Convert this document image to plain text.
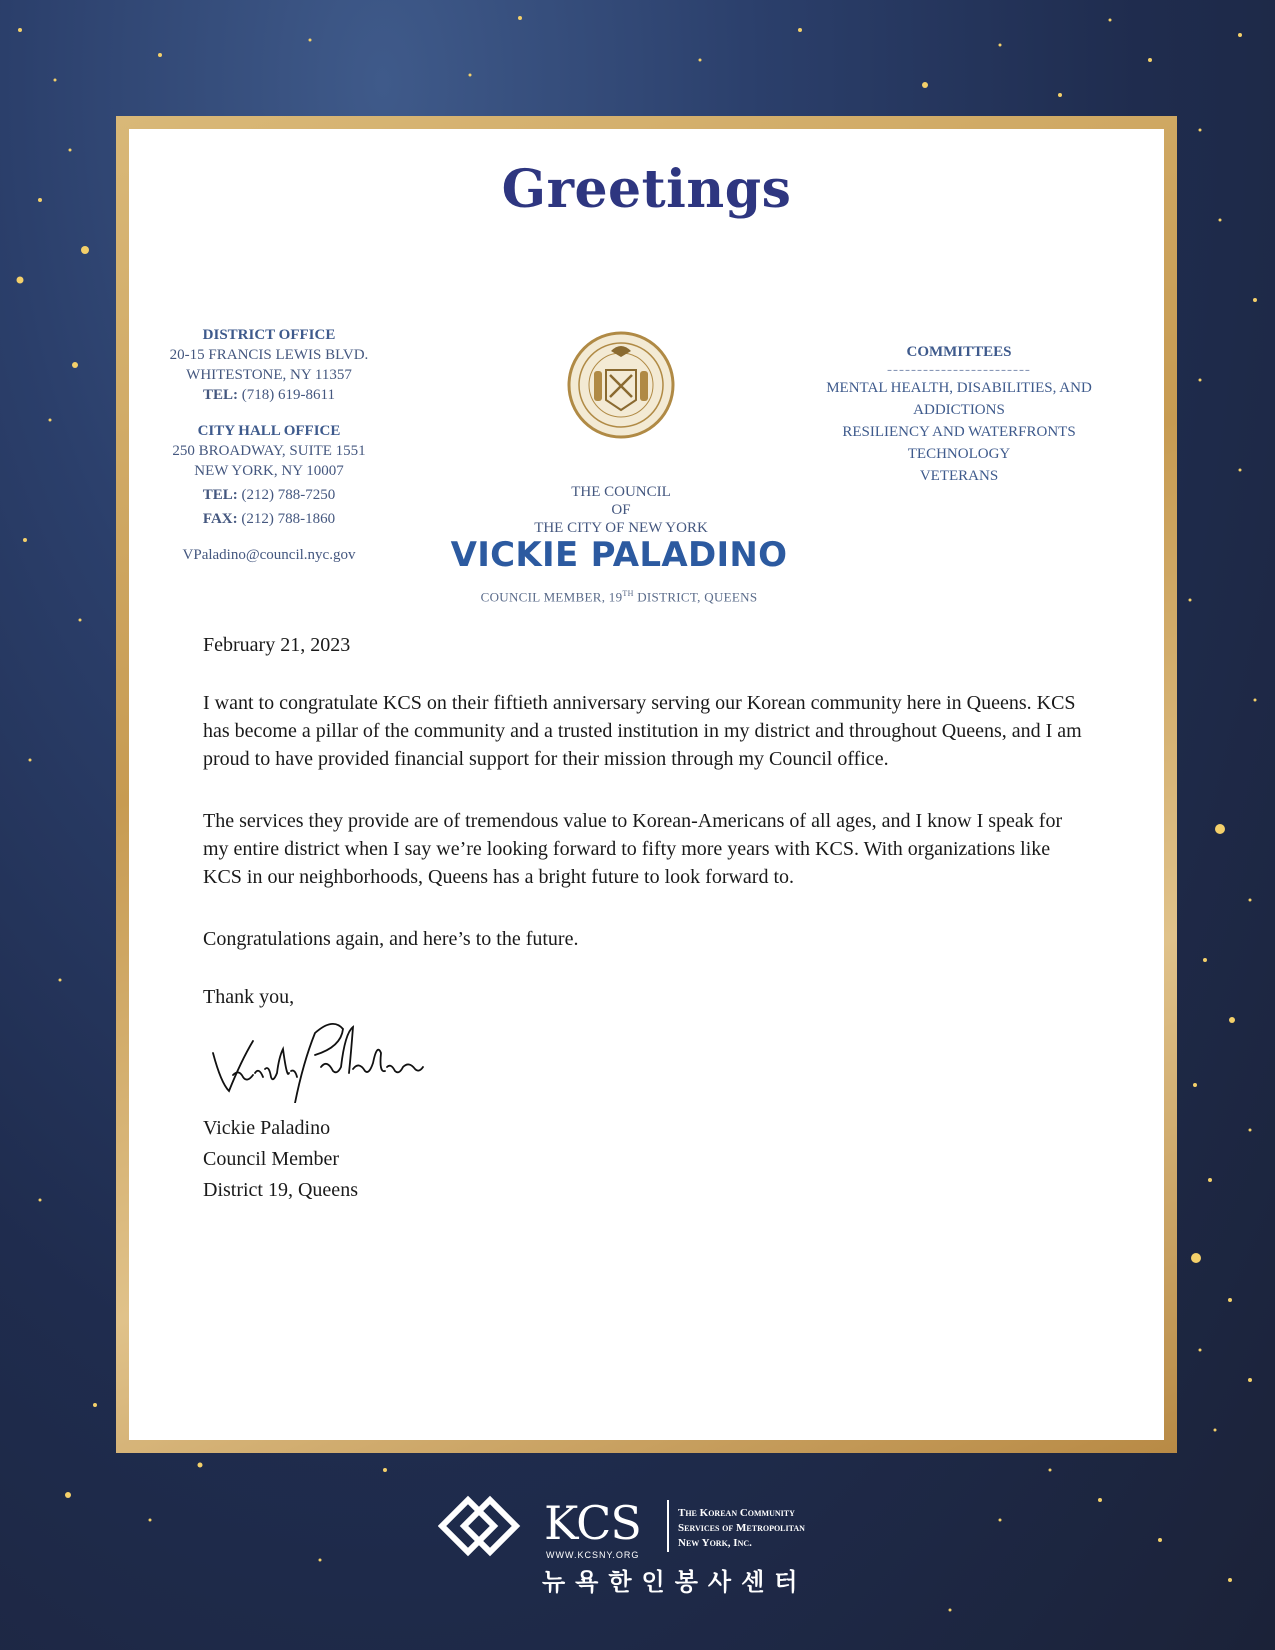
Greetings
DISTRICT OFFICE
20-15 FRANCIS LEWIS BLVD.
WHITESTONE, NY 11357
TEL: (718) 619-8611
CITY HALL OFFICE
250 BROADWAY, SUITE 1551
NEW YORK, NY 10007
TEL: (212) 788-7250
FAX: (212) 788-1860
VPaladino@council.nyc.gov
THE COUNCIL
OF
THE CITY OF NEW YORK
VICKIE PALADINO
COUNCIL MEMBER, 19TH DISTRICT, QUEENS
COMMITTEES
------------------------
MENTAL HEALTH, DISABILITIES, AND ADDICTIONS
RESILIENCY AND WATERFRONTS
TECHNOLOGY
VETERANS

February 21, 2023

I want to congratulate KCS on their fiftieth anniversary serving our Korean community here in Queens. KCS has become a pillar of the community and a trusted institution in my district and throughout Queens, and I am proud to have provided financial support for their mission through my Council office.

The services they provide are of tremendous value to Korean-Americans of all ages, and I know I speak for my entire district when I say we’re looking forward to fifty more years with KCS. With organizations like KCS in our neighborhoods, Queens has a bright future to look forward to.

Congratulations again, and here’s to the future.

Thank you,

Vickie Paladino

Council Member

District 19, Queens

KCS
WWW.KCSNY.ORG
The Korean Community
Services of Metropolitan
New York, Inc.
뉴욕한인봉사센터
